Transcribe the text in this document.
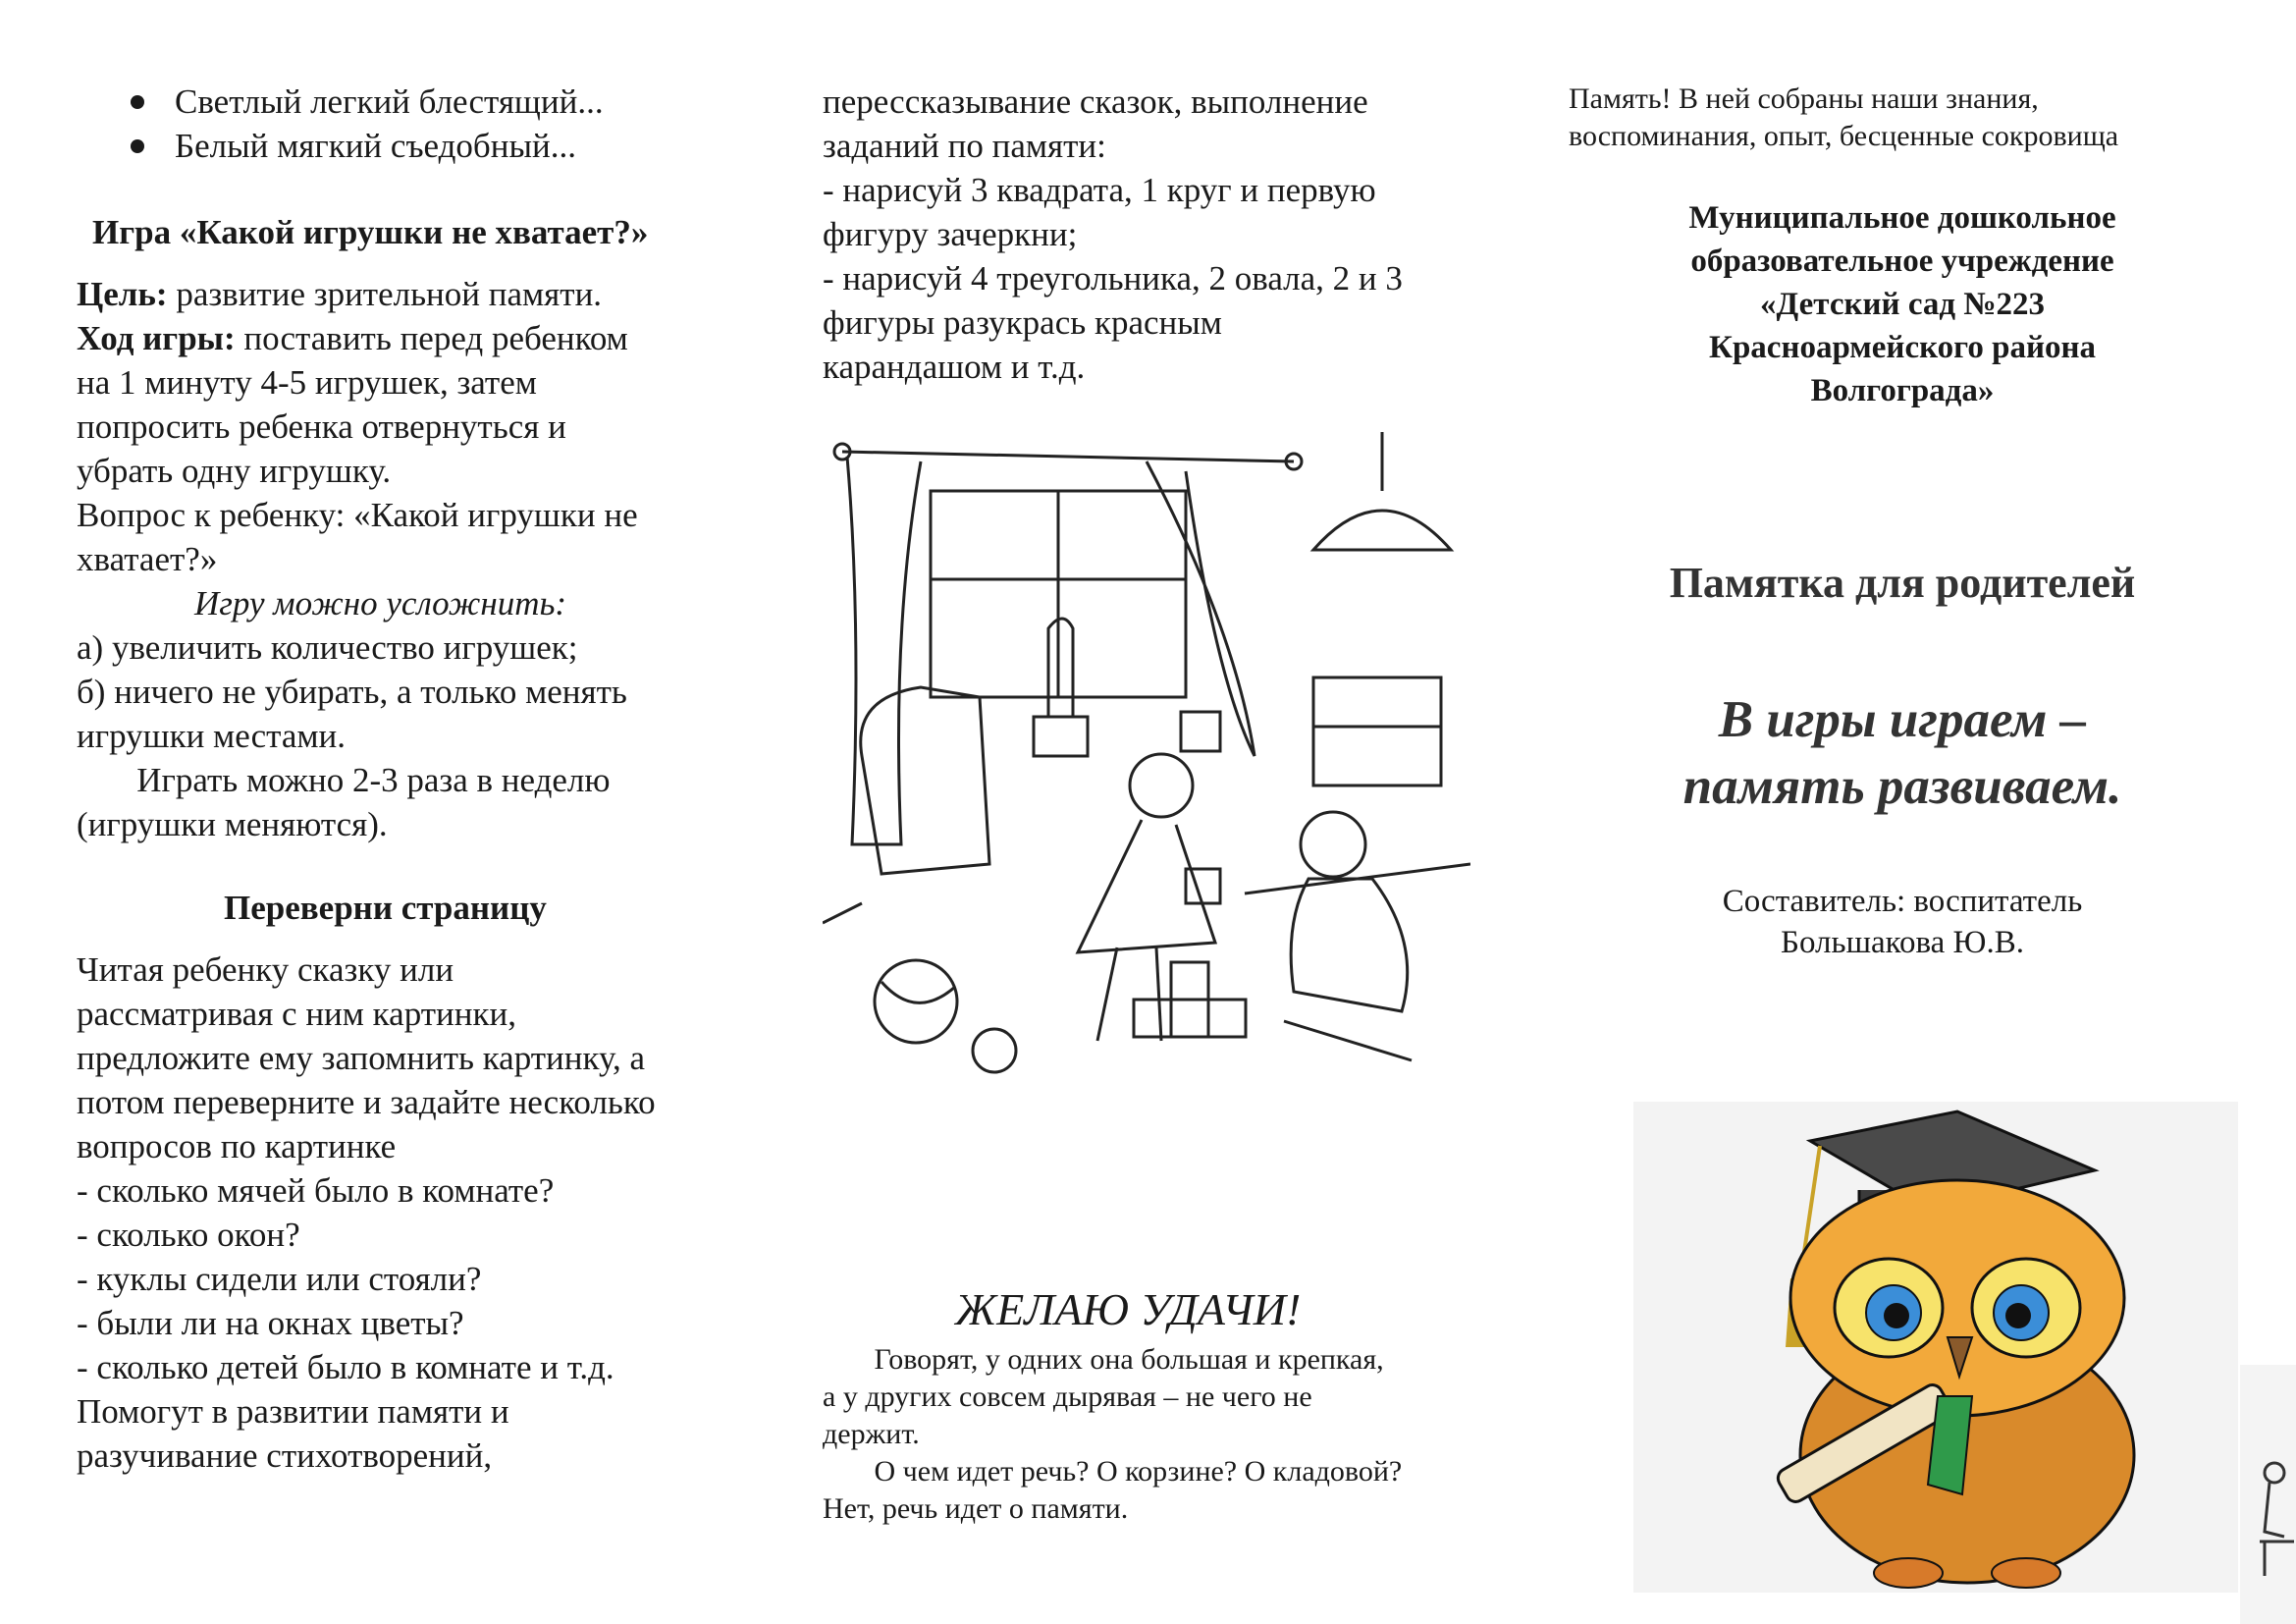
Светлый легкий блестящий...
Белый мягкий съедобный...
Игра «Какой игрушки не хватает?»
Цель: развитие зрительной памяти.
Ход игры: поставить перед ребенком
на 1 минуту 4-5 игрушек, затем
попросить ребенка отвернуться и
убрать одну игрушку.
Вопрос к ребенку: «Какой игрушки не
хватает?»
Игру можно усложнить:
а) увеличить количество игрушек;
б) ничего не убирать, а только менять
игрушки местами.
Играть можно 2-3 раза в неделю
(игрушки меняются).
Переверни страницу
Читая ребенку сказку или
рассматривая с ним картинки,
предложите ему запомнить картинку, а
потом переверните и задайте несколько
вопросов по картинке
- сколько мячей было в комнате?
- сколько окон?
- куклы сидели или стояли?
- были ли на окнах цветы?
- сколько детей было в комнате и т.д.
Помогут в развитии памяти и
разучивание стихотворений,
перессказывание сказок, выполнение
заданий по памяти:
- нарисуй 3 квадрата, 1 круг и первую
фигуру зачеркни;
- нарисуй 4 треугольника, 2 овала, 2 и 3
фигуры разукрась красным
карандашом и т.д.
ЖЕЛАЮ УДАЧИ!
Говорят, у одних она большая и крепкая,
а у других совсем дырявая – не чего не
держит.
О чем идет речь? О корзине? О кладовой?
Нет, речь идет о памяти.
Память! В ней собраны наши знания,
воспоминания, опыт, бесценные сокровища
Муниципальное дошкольное
образовательное учреждение
«Детский сад №223
Красноармейского района
Волгограда»
Памятка для родителей
В игры играем –
память развиваем.
Составитель: воспитатель
Большакова Ю.В.
